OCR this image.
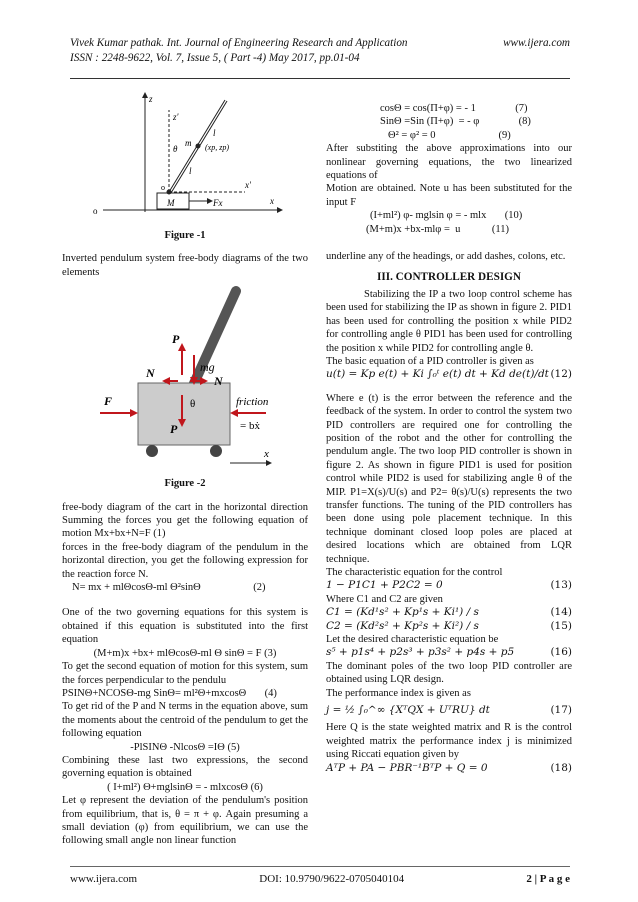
Vivek Kumar pathak. Int. Journal of Engineering Research and Application	www.ijera.com
ISSN : 2248-9622, Vol. 7, Issue 5, ( Part -4) May 2017, pp.01-04
z
z'
θ
m
l
l
(xp, zp)
x'
x
o
o
M	Fx
Figure -1

Inverted pendulum system free-body diagrams of the two elements

P
mg
N
N
F	θ	friction
= bẋ
P
x
Figure -2

free-body diagram of the cart in the horizontal direction Summing the forces you get the following equation of motion Mx+bx+N=F (1)

forces in the free-body diagram of the pendulum in the horizontal direction, you get the following expression for the reaction force N.

N= mx + mlΘcosΘ-ml Θ²sinΘ                    (2)

One of the two governing equations for this system is obtained if this equation is substituted into the first equation

(M+m)x +bx+ mlΘcosΘ-ml Θ sinΘ = F (3)

To get the second equation of motion for this system, sum the forces perpendicular to the pendulu

PSINΘ+NCOSΘ-mg SinΘ= ml²Θ+mxcosΘ       (4)

To get rid of the P and N terms in the equation above, sum the moments about the centroid of the pendulum to get the following equation

-PlSINΘ -NlcosΘ =IΘ (5)

Combining these last two expressions, the second governing equation is obtained

( I+ml²) Θ+mglsinΘ = - mlxcosΘ (6)

Let φ represent the deviation of the pendulum's position from equilibrium, that is, θ = π + φ. Again presuming a small deviation (φ) from equilibrium, we can use the following small angle non linear function

cosΘ = cos(Π+φ) = - 1               (7)

SinΘ =Sin (Π+φ)  = - φ               (8)

Θ² = φ² = 0                        (9)

After substiting the above approximations into our nonlinear governing equations, the two linearized equations of

Motion are obtained. Note u has been substituted for the input F

(I+ml²) φ- mglsin φ = - mlx       (10)

(M+m)x +bx-mlφ =  u            (11)

underline any of the headings, or add dashes, colons, etc.

III. CONTROLLER DESIGN

Stabilizing the IP a two loop control scheme has been used for stabilizing the IP as shown in figure 2. PID1 has been used for controlling the position x while PID2 for controlling angle θ PID1 has been used for controlling the position x while PID2 for controlling angle θ.

The basic equation of a PID controller is given as

u(t) = Kp e(t) + Ki ∫₀ᵗ e(t) dt + Kd de(t)/dt (12)

Where e (t) is the error between the reference and the feedback of the system. In order to control the system two PID controllers are required one for controlling the position of the robot and the other for controlling the pendulum angle. The two loop PID controller is shown in figure 2. As shown in figure PID1 is used for position control while PID2 is used for stabilizing angle θ of the MIP. P1=X(s)/U(s) and P2= θ(s)/U(s) represents the two transfer functions. The tuning of the PID controllers has been done using pole placement technique. In this technique dominant closed loop poles are placed at desired locations which are obtained from LQR technique.

The characteristic equation for the control

1 − P1C1 + P2C2 = 0	(13)

Where C1 and C2 are given

C1 = (Kd¹s² + Kp¹s + Ki¹) / s	(14)

C2 = (Kd²s² + Kp²s + Ki²) / s	(15)

Let the desired characteristic equation be

s⁵ + p1s⁴ + p2s³ + p3s² + p4s + p5	(16)

The dominant poles of the two loop PID controller are obtained using LQR design.

The performance index is given as

j = ½ ∫₀^∞ {XᵀQX + UᵀRU} dt	(17)

Here Q is the state weighted matrix and R is the control weighted matrix the performance index j is minimized using Riccati equation given by

AᵀP + PA − PBR⁻¹BᵀP + Q = 0	(18)

www.ijera.com	DOI: 10.9790/9622-0705040104	2 | P a g e
